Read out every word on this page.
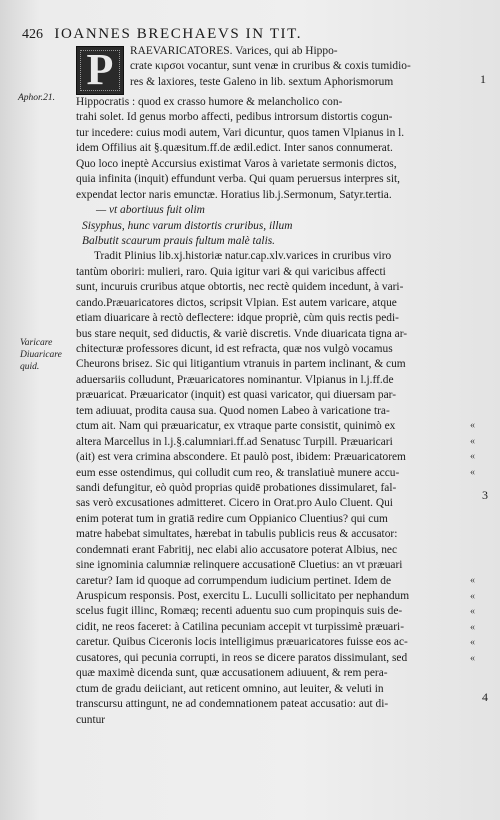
426 IOANNES BRECHAEVS IN TIT.
Aphor.21.
Varicare
Diuaricare
quid.
1
3
4
P	RAEVARICATORES. Varices, qui ab Hippo-
crate κιρσοι vocantur, sunt venæ in cruribus & coxis tumidio-
res & laxiores, teste Galeno in lib. sextum Aphorismorum
Hippocratis : quod ex crasso humore & melancholico con-
trahi solet. Id genus morbo affecti, pedibus introrsum distortis cogun-
tur incedere: cuius modi autem, Vari dicuntur, quos tamen Vlpianus in l.
idem Offilius ait §.quæsitum.ff.de ædil.edict. Inter sanos connumerat.
Quo loco ineptè Accursius existimat Varos à varietate sermonis dictos,
quia infinita (inquit) effundunt verba. Qui quam peruersus interpres sit,
expendat lector naris emunctæ. Horatius lib.j.Sermonum, Satyr.tertia.
— vt abortiuus fuit olim
Sisyphus, hunc varum distortis cruribus, illum
Balbutit scaurum prauis fultum malè talis.
Tradit Plinius lib.xj.historiæ natur.cap.xlv.varices in cruribus viro
tantùm oboriri: mulieri, raro. Quia igitur vari & qui varicibus affecti
sunt, incuruis cruribus atque obtortis, nec rectè quidem incedunt, à vari-
cando.Præuaricatores dictos, scripsit Vlpian. Est autem varicare, atque
etiam diuaricare à rectò deflectere: idque propriè, cùm quis rectis pedi-
bus stare nequit, sed diductis, & variè discretis. Vnde diuaricata tigna ar-
chitecturæ professores dicunt, id est refracta, quæ nos vulgò vocamus
Cheurons brisez. Sic qui litigantium vtranuis in partem inclinant, & cum
aduersariis colludunt, Præuaricatores nominantur. Vlpianus in l.j.ff.de
præuaricat. Præuaricator (inquit) est quasi varicator, qui diuersam par-
tem adiuuat, prodita causa sua. Quod nomen Labeo à varicatione tra-
ctum ait. Nam qui præuaricatur, ex vtraque parte consistit, quinimò ex
altera Marcellus in l.j.§.calumniari.ff.ad Senatusc Turpill. Præuaricari
(ait) est vera crimina abscondere. Et paulò post, ibidem: Præuaricatorem
eum esse ostendimus, qui colludit cum reo, & translatiuè munere accu-
sandi defungitur, eò quòd proprias quidē probationes dissimularet, fal-
sas verò excusationes admitteret. Cicero in Orat.pro Aulo Cluent. Qui
enim poterat tum in gratiā redire cum Oppianico Cluentius? qui cum
matre habebat simultates, hærebat in tabulis publicis reus & accusator:
condemnati erant Fabritij, nec elabi alio accusatore poterat Albius, nec
sine ignominia calumniæ relinquere accusationē Cluetius: an vt præuari
caretur? Iam id quoque ad corrumpendum iudicium pertinet. Idem de
Aruspicum responsis. Post, exercitu L. Luculli sollicitato per nephandum
scelus fugit illinc, Romæq; recenti aduentu suo cum propinquis suis de-
cidit, ne reos faceret: à Catilina pecuniam accepit vt turpissimè præuari-
caretur. Quibus Ciceronis locis intelligimus præuaricatores fuisse eos ac-
cusatores, qui pecunia corrupti, in reos se dicere paratos dissimulant, sed
quæ maximè dicenda sunt, quæ accusationem adiuuent, & rem pera-
ctum de gradu deiiciant, aut reticent omnino, aut leuiter, & veluti in
transcursu attingunt, ne ad condemnationem pateat accusatio: aut di-
cuntur
«
«
«
«
«
«
«
«
«
«
